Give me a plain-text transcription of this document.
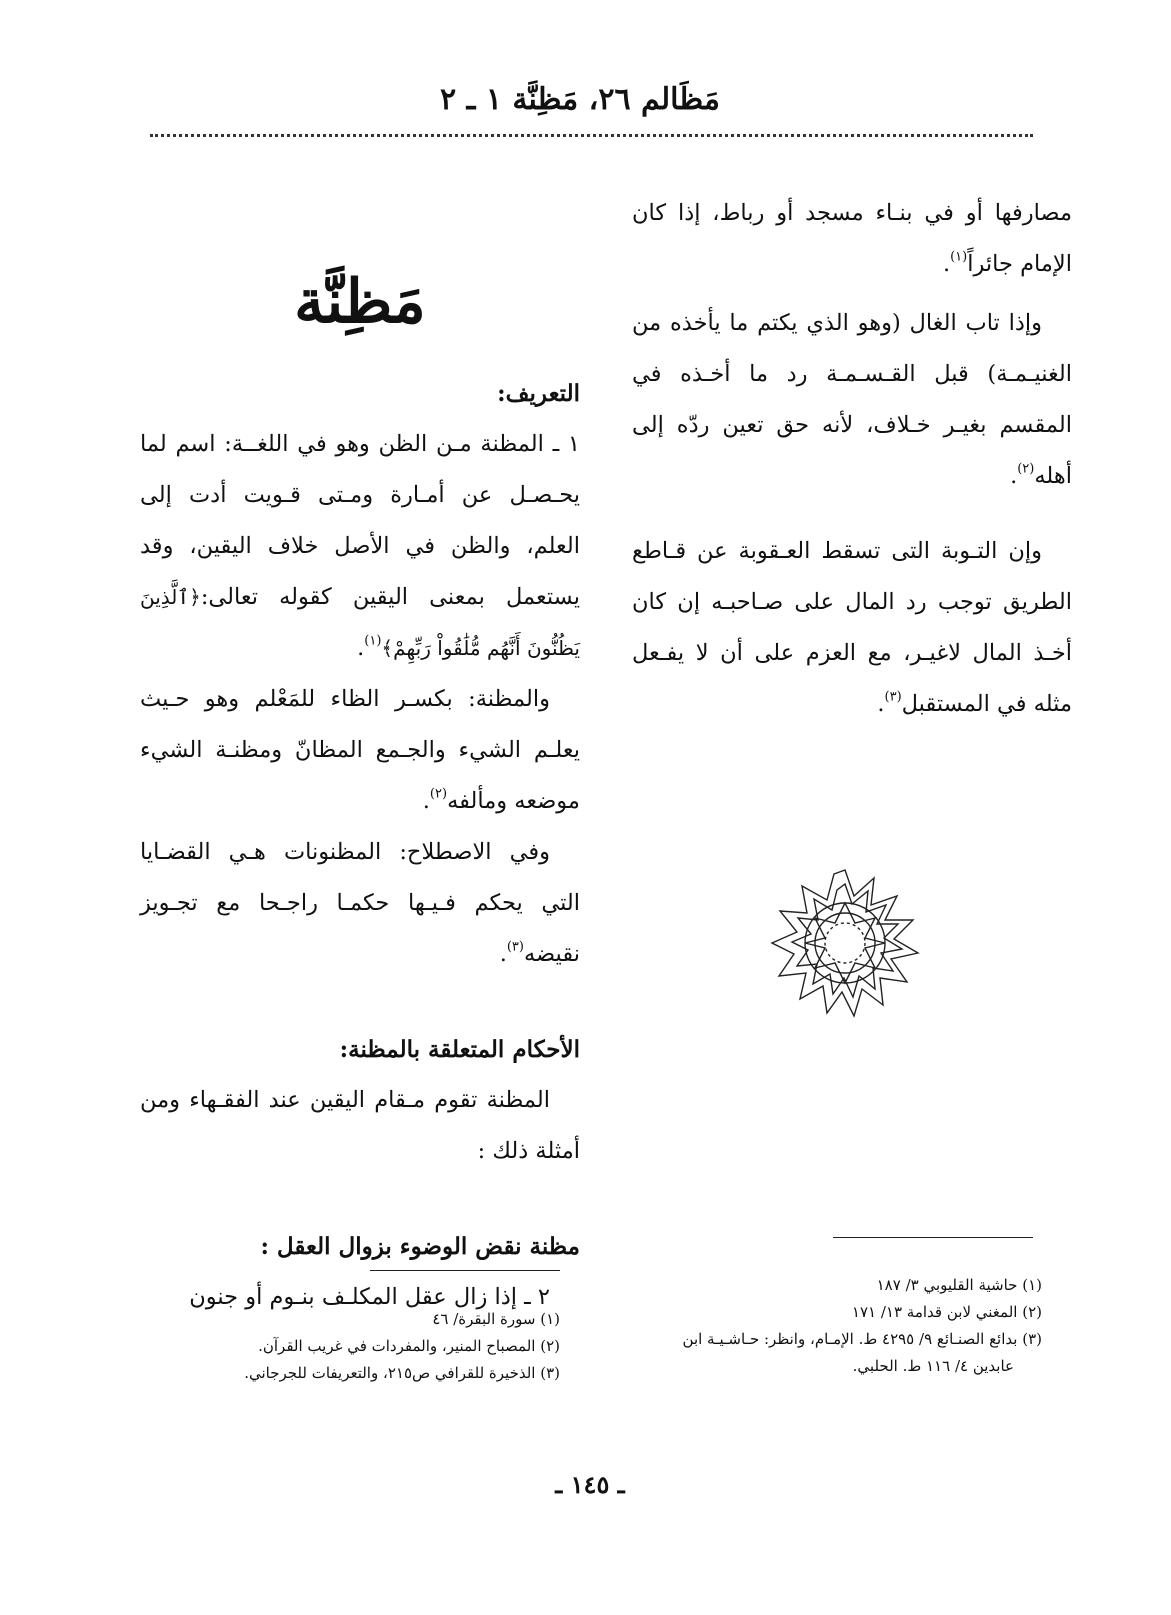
مَظَالم ٢٦، مَظِنَّة ١ ـ ٢

مصارفها أو في بنـاء مسجد أو رباط، إذا كان الإمام جائراً$^{(١)}$.

وإذا تاب الغال (وهو الذي يكتم ما يأخذه من الغنيـمـة) قبل القـسـمـة رد ما أخـذه في المقسم بغيـر خـلاف، لأنه حق تعين ردّه إلى أهله$^{(٢)}$.

وإن التـوبة التى تسقط العـقوبة عن قـاطع الطريق توجب رد المال على صـاحبـه إن كان أخـذ المال لاغيـر، مع العزم على أن لا يفـعل مثله في المستقبل$^{(٣)}$.

مَظِنَّة

التعريف:

١ ـ المظنة مـن الظن وهو في اللغــة: اسم لما يحـصـل عن أمـارة ومـتى قـويت أدت إلى العلم، والظن في الأصل خلاف اليقين، وقد يستعمل بمعنى اليقين كقوله تعالى:﴿ٱلَّذِينَ يَظُنُّونَ أَنَّهُم مُّلَٰقُواْ رَبِّهِمْ﴾$^{(١)}$.

والمظنة: بكسـر الظاء للمَعْلم وهو حـيث يعلـم الشيء والجـمع المظانّ ومظنـة الشيء موضعه ومألفه$^{(٢)}$.

وفي الاصطلاح: المظنونات هـي القضـايا التي يحكم فـيـها حكمـا راجـحا مع تجـويز نقيضه$^{(٣)}$.

الأحكام المتعلقة بالمظنة:

المظنة تقوم مـقام اليقين عند الفقـهاء ومن أمثلة ذلك :

مظنة نقض الوضوء بزوال العقل :

٢ ـ إذا زال عقل المكلـف بنـوم أو جنون	(١) حاشية القليوبي ٣/ ١٨٧
(٢) المغني لابن قدامة ١٣/ ١٧١
(٣) بدائع الصنـائع ٩/ ٤٢٩٥ ط. الإمـام، وانظر: حـاشـيـة ابن
عابدين ٤/ ١١٦ ط. الحلبي.
(١) سورة البقرة/ ٤٦
(٢) المصباح المنير، والمفردات في غريب القرآن.
(٣) الذخيرة للقرافي ص٢١٥، والتعريفات للجرجاني.
ـ ١٤٥ ـ
